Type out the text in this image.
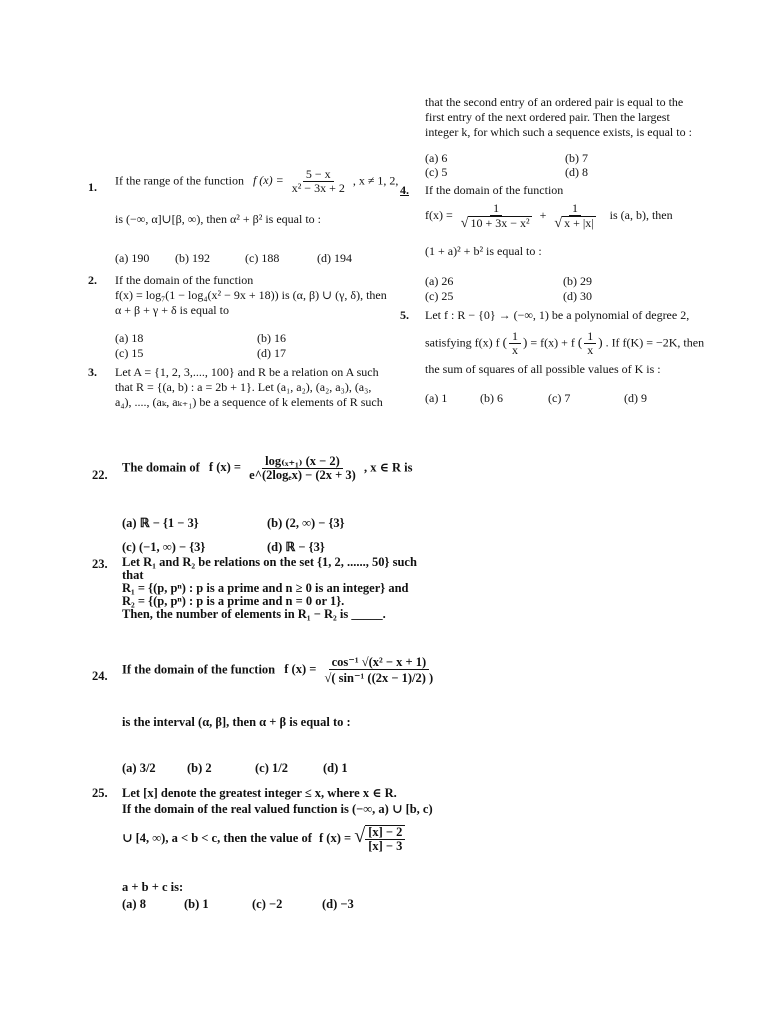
that the second entry of an ordered pair is equal to the
first entry of the next ordered pair. Then the largest
integer k, for which such a sequence exists, is equal to :
(a) 6	(b) 7
(c) 5	(d) 8
1. If the range of the function f $(x) = \frac{5 - x}{\text{x² − 3x + 2}}$ , x ≠ 1, 2,
is (−∞, α]∪[β, ∞), then α² + β² is equal to :
(a) 190	(b) 192	(c) 188	(d) 194
2. If the domain of the function
f(x) = log₇(1 − log₄(x² − 9x + 18)) is (α, β) ∪ (γ, δ), then
α + β + γ + δ is equal to
(a) 18	(b) 16
(c) 15	(d) 17
3. Let A = {1, 2, 3,...., 100} and R be a relation on A such
that R = {(a, b) : a = 2b + 1}. Let (a₁, a₂), (a₂, a₃), (a₃,
a₄), ...., (aₖ, aₖ₊₁) be a sequence of k elements of R such
4. If the domain of the function
$f(x) = \frac{1}{\text{√ 10 + 3x − x²}} + \frac{1}{√ x + |x|}$ is (a, b), then
(1 + a)² + b² is equal to :
(a) 26	(b) 29
(c) 25	(d) 30
5. Let f : R − {0} → (−∞, 1) be a polynomial of degree 2,
satisfying f(x) f ( $\frac{1}{x}$ ) = f(x) + f ( $\frac{1}{x}$ ) . If f(K) = −2K, then
the sum of squares of all possible values of K is :
(a) 1	(b) 6	(c) 7	(d) 9
22.
The domain of f $(x) = \frac{\text{log₍ₓ₊₁₎ (x − 2)}}{\text{e\textasciicircum{}(2logₑx) − (2x + 3)}}$ , x ∈ R is
(a) ℝ − {1 − 3}	(b) (2, ∞) − {3}
(c) (−1, ∞) − {3}	(d) ℝ − {3}
23. Let R₁ and R₂ be relations on the set {1, 2, ......, 50} such
that
R₁ = {(p, pⁿ) : p is a prime and n ≥ 0 is an integer} and
R₂ = {(p, pⁿ) : p is a prime and n = 0 or 1}.
Then, the number of elements in R₁ − R₂ is _____.
24. If the domain of the function f $(x) = \frac{\text{cos⁻¹ √(x² − x + 1)}}{\text{√( sin⁻¹ ((2x − 1)/2) )}}$
is the interval (α, β], then α + β is equal to :
(a) 3/2	(b) 2	(c) 1/2	(d) 1
25. Let [x] denote the greatest integer ≤ x, where x ∈ R.
If the domain of the real valued function is (−∞, a) ∪ [b, c)
∪ [4, ∞), a < b < c, then the value of f (x) = √ $\frac{[x] - 2}{[x] - 3}$
a + b + c is:
(a) 8	(b) 1	(c) −2	(d) −3
